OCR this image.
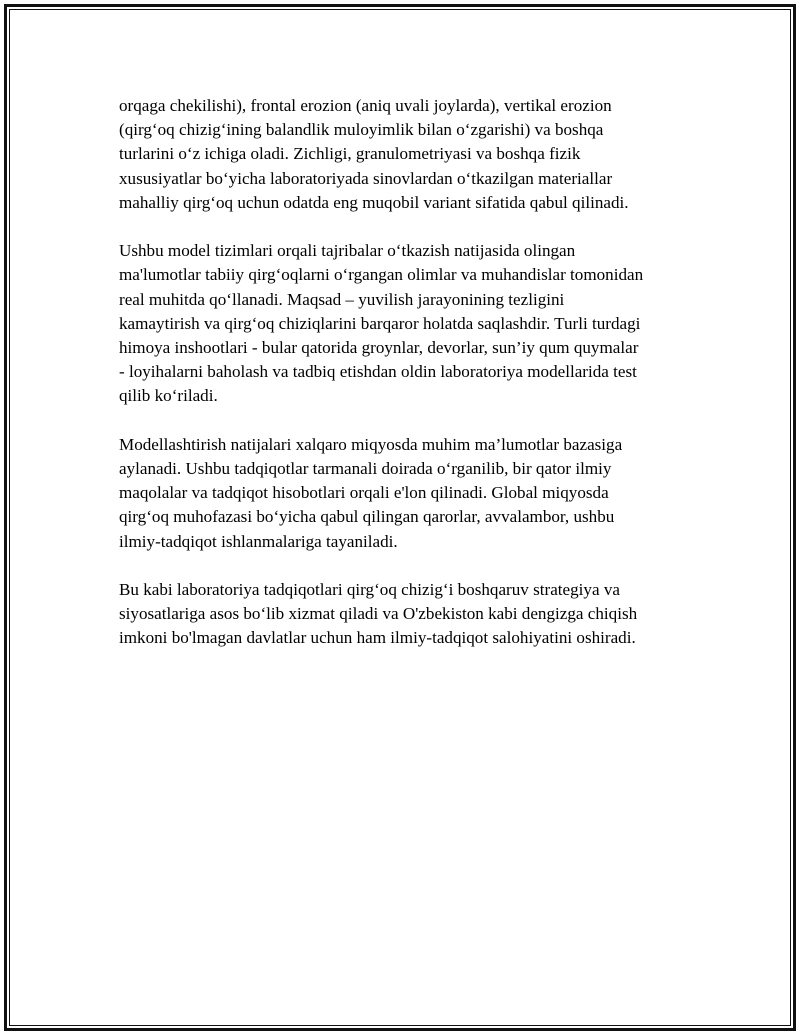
orqaga chekilishi), frontal erozion (aniq uvali joylarda), vertikal erozion
(qirg‘oq chizig‘ining balandlik muloyimlik bilan o‘zgarishi) va boshqa
turlarini o‘z ichiga oladi. Zichligi, granulometriyasi va boshqa fizik
xususiyatlar bo‘yicha laboratoriyada sinovlardan o‘tkazilgan materiallar
mahalliy qirg‘oq uchun odatda eng muqobil variant sifatida qabul qilinadi.
Ushbu model tizimlari orqali tajribalar o‘tkazish natijasida olingan
ma'lumotlar tabiiy qirg‘oqlarni o‘rgangan olimlar va muhandislar tomonidan
real muhitda qo‘llanadi. Maqsad – yuvilish jarayonining tezligini
kamaytirish va qirg‘oq chiziqlarini barqaror holatda saqlashdir. Turli turdagi
himoya inshootlari - bular qatorida groynlar, devorlar, sun’iy qum quymalar
- loyihalarni baholash va tadbiq etishdan oldin laboratoriya modellarida test
qilib ko‘riladi.
Modellashtirish natijalari xalqaro miqyosda muhim ma’lumotlar bazasiga
aylanadi. Ushbu tadqiqotlar tarmanali doirada o‘rganilib, bir qator ilmiy
maqolalar va tadqiqot hisobotlari orqali e'lon qilinadi. Global miqyosda
qirg‘oq muhofazasi bo‘yicha qabul qilingan qarorlar, avvalambor, ushbu
ilmiy-tadqiqot ishlanmalariga tayaniladi.
Bu kabi laboratoriya tadqiqotlari qirg‘oq chizig‘i boshqaruv strategiya va
siyosatlariga asos bo‘lib xizmat qiladi va O'zbekiston kabi dengizga chiqish
imkoni bo'lmagan davlatlar uchun ham ilmiy-tadqiqot salohiyatini oshiradi.
